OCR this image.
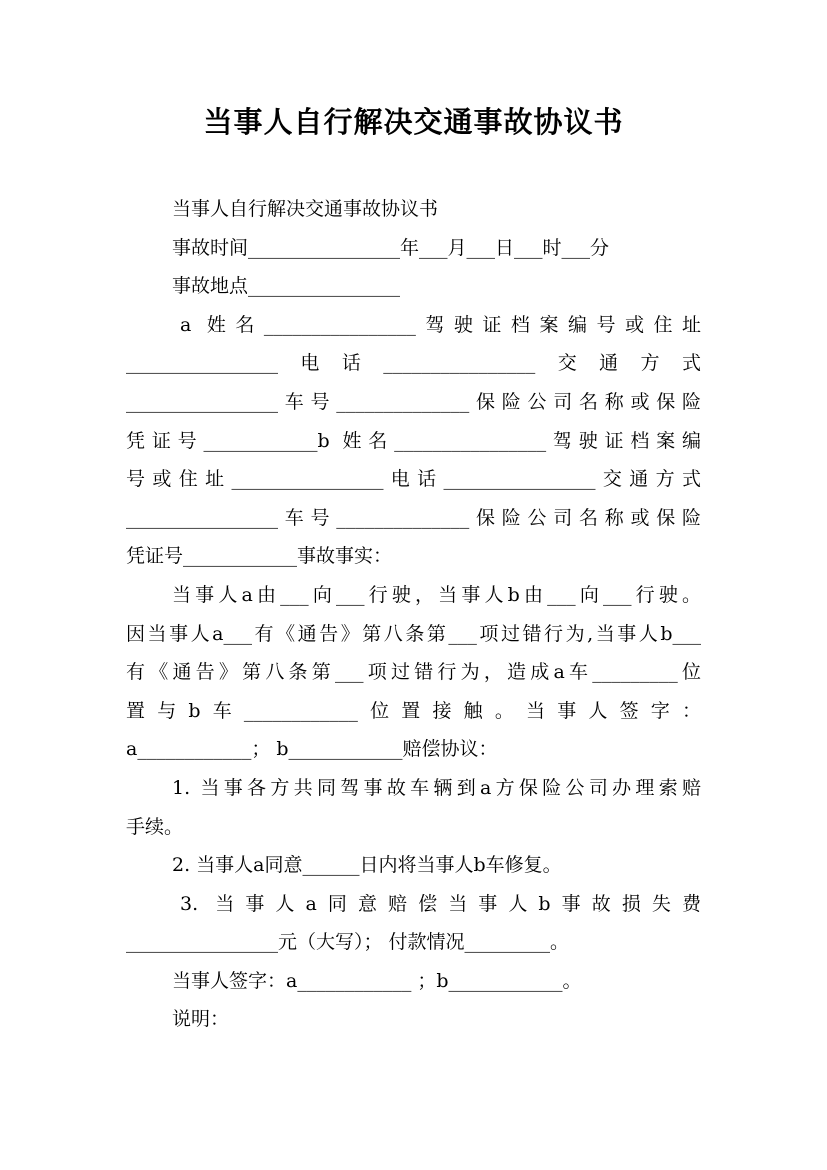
当事人自行解决交通事故协议书
当事人自行解决交通事故协议书
事故时间________________年___月___日___时___分
事故地点________________
a 姓名________________驾驶证档案编号或住址
________________电话________________交通方式
________________车号______________保险公司名称或保险
凭证号____________b 姓名________________驾驶证档案编
号或住址________________电话________________交通方式
________________车号______________保险公司名称或保险
凭证号____________事故事实：
当事人a由___向___行驶，当事人b由___向___行驶。
因当事人a___有《通告》第八条第___项过错行为,当事人b___
有《通告》第八条第___项过错行为，造成a车_________位
置与b车____________位置接触。当事人签字：
a____________； b____________赔偿协议：
1. 当事各方共同驾事故车辆到a方保险公司办理索赔
手续。
2. 当事人a同意______日内将当事人b车修复。
3. 当事人a同意赔偿当事人b事故损失费
________________元（大写）； 付款情况_________。
当事人签字：a____________ ；b____________。
说明：
